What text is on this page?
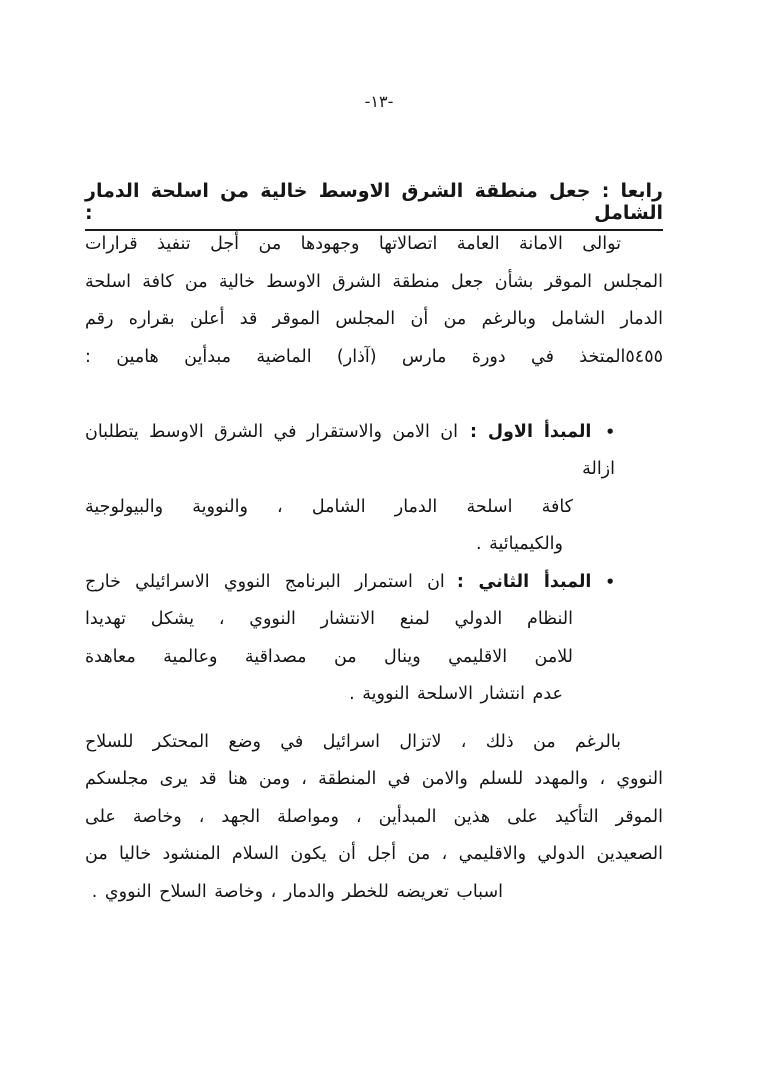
-١٣-
رابعا : جعل منطقة الشرق الاوسط خالية من اسلحة الدمار الشامل :
توالى الامانة العامة اتصالاتها وجهودها من أجل تنفيذ قرارات
المجلس الموقر بشأن جعل منطقة الشرق الاوسط خالية من كافة اسلحة
الدمار الشامل وبالرغم من أن المجلس الموقر قد أعلن بقراره رقم
٥٤٥٥المتخذ في دورة مارس (آذار) الماضية مبدأين هامين :
•المبدأ الاول :ان الامن والاستقرار في الشرق الاوسط يتطلبان ازالة
كافة اسلحة الدمار الشامل ، والنووية والبيولوجية
والكيميائية .
•المبدأ الثاني :ان استمرار البرنامج النووي الاسرائيلي خارج
النظام الدولي لمنع الانتشار النووي ، يشكل تهديدا
للامن الاقليمي وينال من مصداقية وعالمية معاهدة
عدم انتشار الاسلحة النووية .
بالرغم من ذلك ، لاتزال اسرائيل في وضع المحتكر للسلاح
النووي ، والمهدد للسلم والامن في المنطقة ، ومن هنا قد يرى مجلسكم
الموقر التأكيد على هذين المبدأين ، ومواصلة الجهد ، وخاصة على
الصعيدين الدولي والاقليمي ، من أجل أن يكون السلام المنشود خاليا من
اسباب تعريضه للخطر والدمار ، وخاصة السلاح النووي .
